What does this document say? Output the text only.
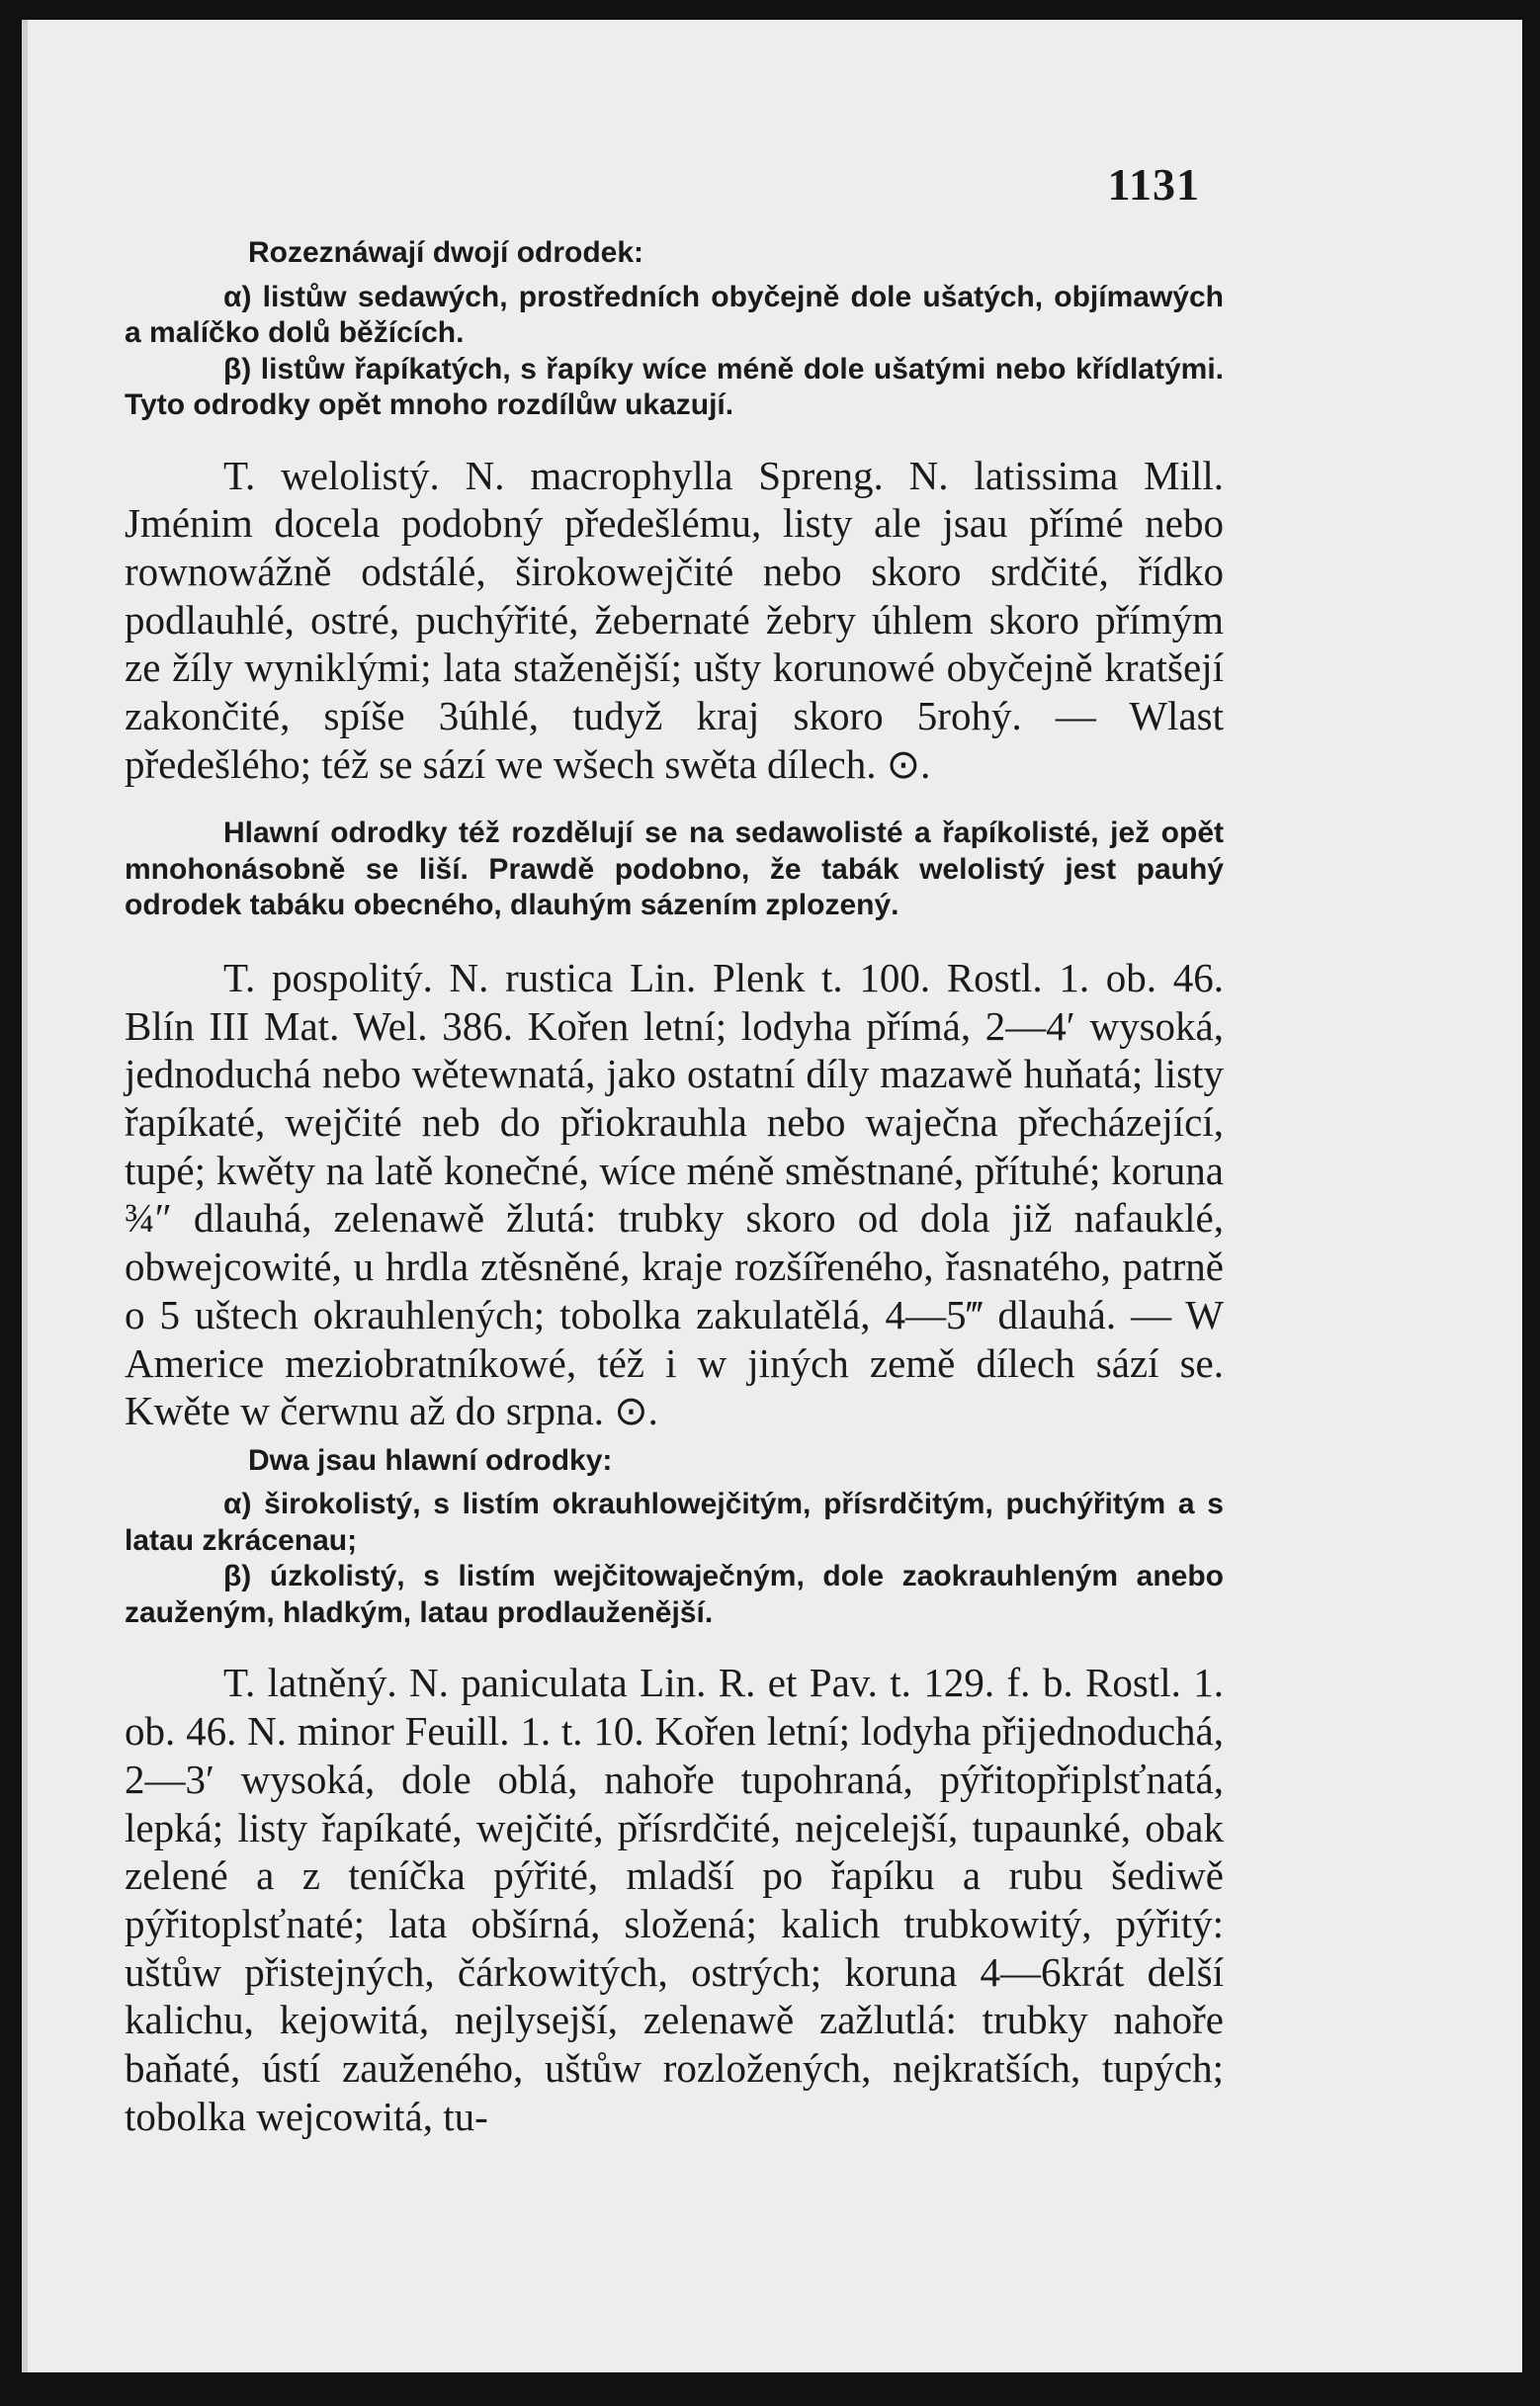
1131

Rozeznáwají dwojí odrodek:

α) listůw sedawých, prostředních obyčejně dole ušatých, objímawých a malíčko dolů běžících.

β) listůw řapíkatých, s řapíky wíce méně dole ušatými nebo křídlatými. Tyto odrodky opět mnoho rozdílůw ukazují.

T. welolistý. N. macrophylla Spreng. N. latissima Mill. Jménim docela podobný předešlému, listy ale jsau přímé nebo rownowážně odstálé, širokowejčité nebo skoro srdčité, řídko podlauhlé, ostré, puchýřité, žebernaté žebry úhlem skoro přímým ze žíly wyniklými; lata staženější; ušty korunowé obyčejně kratšejí zakončité, spíše 3úhlé, tudyž kraj skoro 5rohý. — Wlast předešlého; též se sází we wšech swěta dílech. ⊙.

Hlawní odrodky též rozdělují se na sedawolisté a řapíkolisté, jež opět mnohonásobně se liší. Prawdě podobno, že tabák welolistý jest pauhý odrodek tabáku obecného, dlauhým sázením zplozený.

T. pospolitý. N. rustica Lin. Plenk t. 100. Rostl. 1. ob. 46. Blín III Mat. Wel. 386. Kořen letní; lodyha přímá, 2—4′ wysoká, jednoduchá nebo wětewnatá, jako ostatní díly mazawě huňatá; listy řapíkaté, wejčité neb do přiokrauhla nebo waječna přecházející, tupé; kwěty na latě konečné, wíce méně směstnané, přítuhé; koruna ¾″ dlauhá, zelenawě žlutá: trubky skoro od dola již nafauklé, obwejcowité, u hrdla ztěsněné, kraje rozšířeného, řasnatého, patrně o 5 uštech okrauhlených; tobolka zakulatělá, 4—5‴ dlauhá. — W Americe meziobratníkowé, též i w jiných země dílech sází se. Kwěte w čerwnu až do srpna. ⊙.

Dwa jsau hlawní odrodky:

α) širokolistý, s listím okrauhlowejčitým, přísrdčitým, puchýřitým a s latau zkrácenau;

β) úzkolistý, s listím wejčitowaječným, dole zaokrauhleným anebo zauženým, hladkým, latau prodlauženější.

T. latněný. N. paniculata Lin. R. et Pav. t. 129. f. b. Rostl. 1. ob. 46. N. minor Feuill. 1. t. 10. Kořen letní; lodyha přijednoduchá, 2—3′ wysoká, dole oblá, nahoře tupohraná, pýřitopřiplsťnatá, lepká; listy řapíkaté, wejčité, přísrdčité, nejcelejší, tupaunké, obak zelené a z teníčka pýřité, mladší po řapíku a rubu šediwě pýřitoplsťnaté; lata obšírná, složená; kalich trubkowitý, pýřitý: uštůw přistejných, čárkowitých, ostrých; koruna 4—6krát delší kalichu, kejowitá, nejlysejší, zelenawě zažlutlá: trubky nahoře baňaté, ústí zauženého, uštůw rozložených, nejkratších, tupých; tobolka wejcowitá, tu-
